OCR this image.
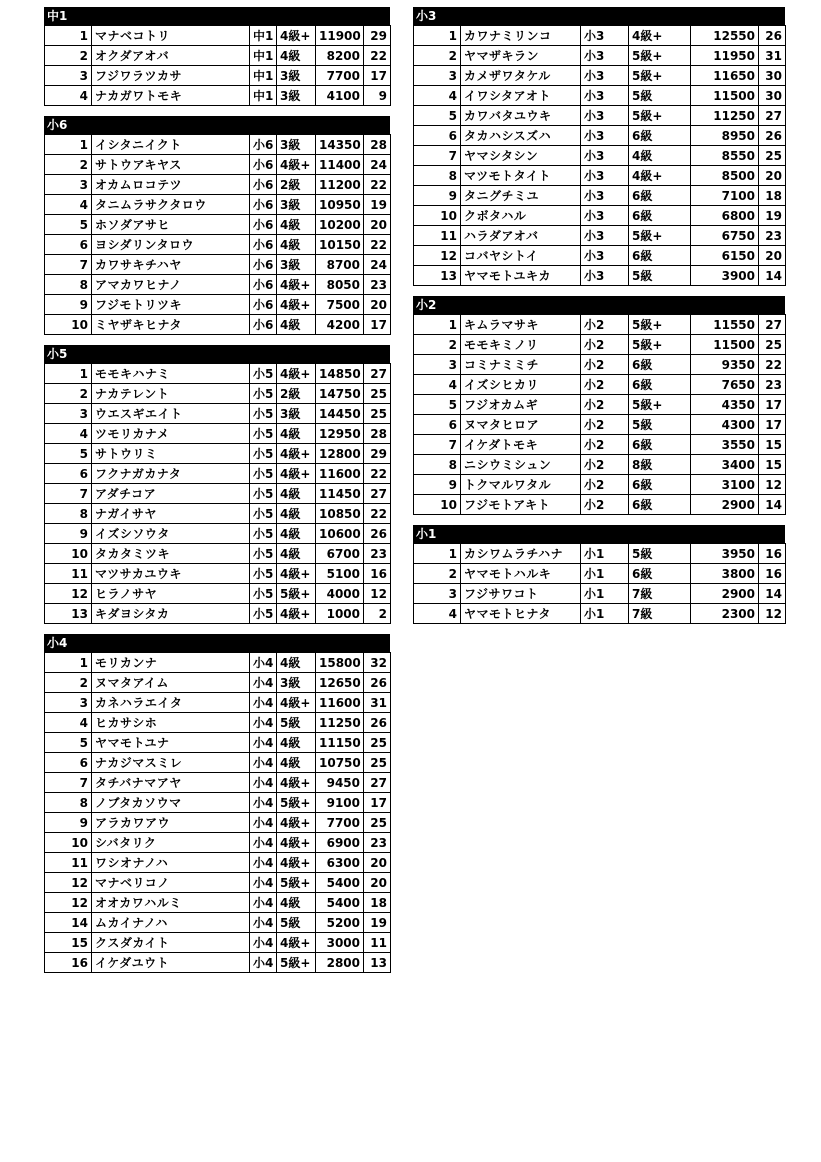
中1
1	マナベコトリ	中1	4級+	11900	29
2	オクダアオバ	中1	4級	8200	22
3	フジワラツカサ	中1	3級	7700	17
4	ナカガワトモキ	中1	3級	4100	9
小6
1	イシタニイクト	小6	3級	14350	28
2	サトウアキヤス	小6	4級+	11400	24
3	オカムロコテツ	小6	2級	11200	22
4	タニムラサクタロウ	小6	3級	10950	19
5	ホソダアサヒ	小6	4級	10200	20
6	ヨシダリンタロウ	小6	4級	10150	22
7	カワサキチハヤ	小6	3級	8700	24
8	アマカワヒナノ	小6	4級+	8050	23
9	フジモトリツキ	小6	4級+	7500	20
10	ミヤザキヒナタ	小6	4級	4200	17
小5
1	モモキハナミ	小5	4級+	14850	27
2	ナカテレント	小5	2級	14750	25
3	ウエスギエイト	小5	3級	14450	25
4	ツモリカナメ	小5	4級	12950	28
5	サトウリミ	小5	4級+	12800	29
6	フクナガカナタ	小5	4級+	11600	22
7	アダチコア	小5	4級	11450	27
8	ナガイサヤ	小5	4級	10850	22
9	イズシソウタ	小5	4級	10600	26
10	タカタミツキ	小5	4級	6700	23
11	マツサカユウキ	小5	4級+	5100	16
12	ヒラノサヤ	小5	5級+	4000	12
13	キダヨシタカ	小5	4級+	1000	2
小4
1	モリカンナ	小4	4級	15800	32
2	ヌマタアイム	小4	3級	12650	26
3	カネハラエイタ	小4	4級+	11600	31
4	ヒカサシホ	小4	5級	11250	26
5	ヤマモトユナ	小4	4級	11150	25
6	ナカジマスミレ	小4	4級	10750	25
7	タチバナマアヤ	小4	4級+	9450	27
8	ノブタカソウマ	小4	5級+	9100	17
9	アラカワアウ	小4	4級+	7700	25
10	シバタリク	小4	4級+	6900	23
11	ワシオナノハ	小4	4級+	6300	20
12	マナベリコノ	小4	5級+	5400	20
12	オオカワハルミ	小4	4級	5400	18
14	ムカイナノハ	小4	5級	5200	19
15	クスダカイト	小4	4級+	3000	11
16	イケダユウト	小4	5級+	2800	13
小3
1	カワナミリンコ	小3	4級+	12550	26
2	ヤマザキラン	小3	5級+	11950	31
3	カメザワタケル	小3	5級+	11650	30
4	イワシタアオト	小3	5級	11500	30
5	カワバタユウキ	小3	5級+	11250	27
6	タカハシスズハ	小3	6級	8950	26
7	ヤマシタシン	小3	4級	8550	25
8	マツモトタイト	小3	4級+	8500	20
9	タニグチミユ	小3	6級	7100	18
10	クボタハル	小3	6級	6800	19
11	ハラダアオバ	小3	5級+	6750	23
12	コバヤシトイ	小3	6級	6150	20
13	ヤマモトユキカ	小3	5級	3900	14
小2
1	キムラマサキ	小2	5級+	11550	27
2	モモキミノリ	小2	5級+	11500	25
3	コミナミミチ	小2	6級	9350	22
4	イズシヒカリ	小2	6級	7650	23
5	フジオカムギ	小2	5級+	4350	17
6	ヌマタヒロア	小2	5級	4300	17
7	イケダトモキ	小2	6級	3550	15
8	ニシウミシュン	小2	8級	3400	15
9	トクマルワタル	小2	6級	3100	12
10	フジモトアキト	小2	6級	2900	14
小1
1	カシワムラチハナ	小1	5級	3950	16
2	ヤマモトハルキ	小1	6級	3800	16
3	フジサワコト	小1	7級	2900	14
4	ヤマモトヒナタ	小1	7級	2300	12
